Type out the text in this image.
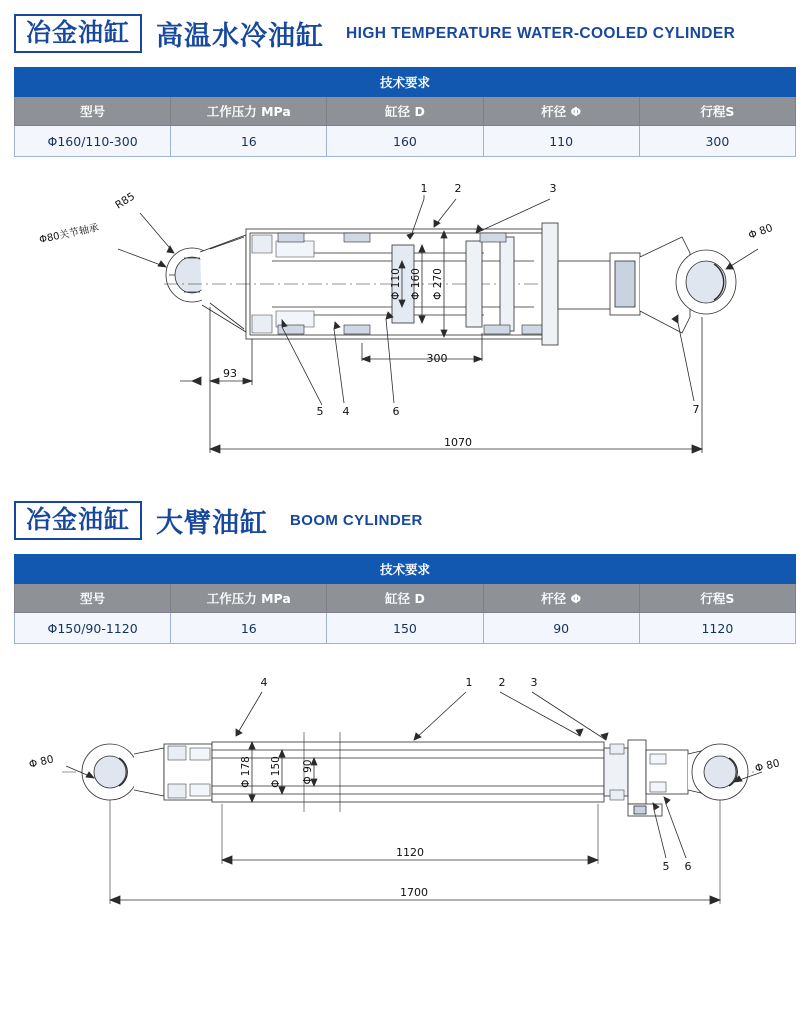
冶金油缸 高温水冷油缸 HIGH TEMPERATURE WATER-COOLED CYLINDER
技术要求				
型号	工作压力 MPa	缸径 D	杆径 Φ	行程S
Φ160/110-300	16	160	110	300
1 2	3
5 4	6	7
300
93
1070
Φ 110 Φ 160 Φ 270
R85
Φ80关节轴承	Φ 80
冶金油缸 大臂油缸 BOOM CYLINDER
技术要求				
型号	工作压力 MPa	缸径 D	杆径 Φ	行程S
Φ150/90-1120	16	150	90	1120
4	1 2 3
5 6
1120
1700
Φ 178 Φ 150 Φ 90
Φ 80	Φ 80
